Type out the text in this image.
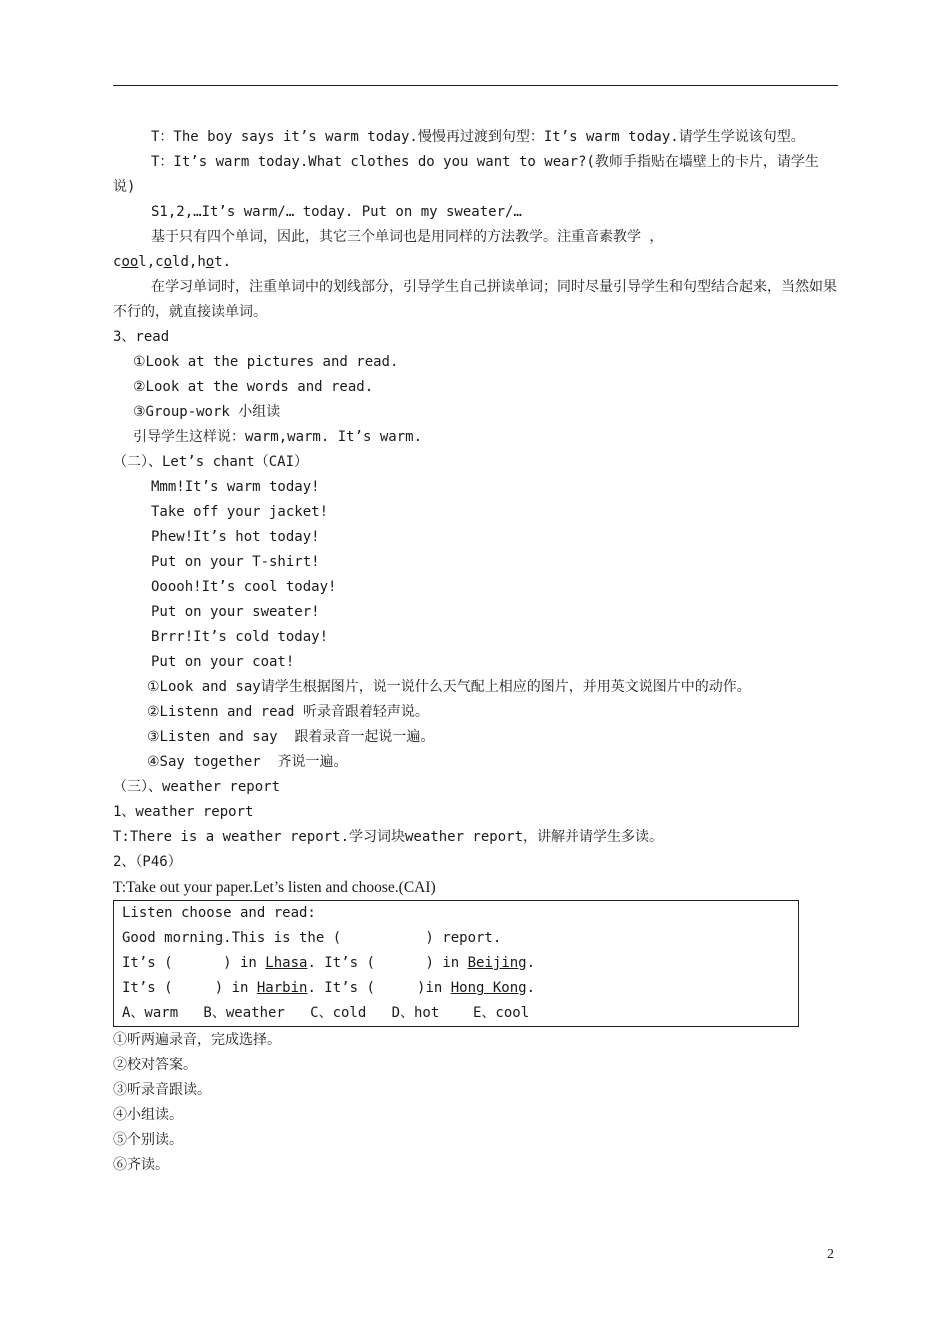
T：The boy says it’s warm today.慢慢再过渡到句型：It’s warm today.请学生学说该句型。
T：It’s warm today.What clothes do you want to wear?(教师手指贴在墙壁上的卡片，请学生说)
S1,2,…It’s warm/… today. Put on my sweater/…
基于只有四个单词，因此，其它三个单词也是用同样的方法教学。注重音素教学 ，
cool,cold,hot.
在学习单词时，注重单词中的划线部分，引导学生自己拼读单词；同时尽量引导学生和句型结合起来，当然如果不行的，就直接读单词。
3、read
①Look at the pictures and read.
②Look at the words and read.
③Group-work 小组读
引导学生这样说：warm,warm. It’s warm.
（二）、Let’s chant（CAI）
Mmm!It’s warm today!
Take off your jacket!
Phew!It’s hot today!
Put on your T-shirt!
Ooooh!It’s cool today!
Put on your sweater!
Brrr!It’s cold today!
Put on your coat!
①Look and say请学生根据图片，说一说什么天气配上相应的图片，并用英文说图片中的动作。
②Listenn and read 听录音跟着轻声说。
③Listen and say  跟着录音一起说一遍。
④Say together  齐说一遍。
（三）、weather report
1、weather report
T:There is a weather report.学习词块weather report，讲解并请学生多读。
2、（P46）
T:Take out your paper.Let’s listen and choose.(CAI)
Listen choose and read:
Good morning.This is the (          ) report.
It’s (      ) in Lhasa. It’s (      ) in Beijing.
It’s (     ) in Harbin. It’s (     )in Hong Kong.
A、warm   B、weather   C、cold   D、hot    E、cool
①听两遍录音，完成选择。
②校对答案。
③听录音跟读。
④小组读。
⑤个别读。
⑥齐读。
2
